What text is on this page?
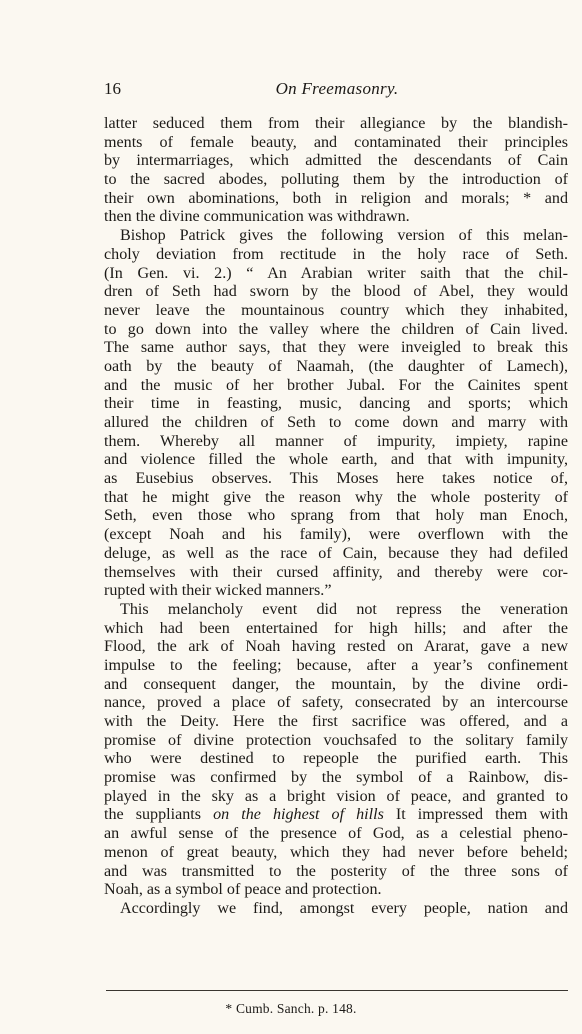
16	On Freemasonry.
latter seduced them from their allegiance by the blandish-
ments of female beauty, and contaminated their principles
by intermarriages, which admitted the descendants of Cain
to the sacred abodes, polluting them by the introduction of
their own abominations, both in religion and morals; * and
then the divine communication was withdrawn.
Bishop Patrick gives the following version of this melan-
choly deviation from rectitude in the holy race of Seth.
(In Gen. vi. 2.) “ An Arabian writer saith that the chil-
dren of Seth had sworn by the blood of Abel, they would
never leave the mountainous country which they inhabited,
to go down into the valley where the children of Cain lived.
The same author says, that they were inveigled to break this
oath by the beauty of Naamah, (the daughter of Lamech),
and the music of her brother Jubal. For the Cainites spent
their time in feasting, music, dancing and sports; which
allured the children of Seth to come down and marry with
them. Whereby all manner of impurity, impiety, rapine
and violence filled the whole earth, and that with impunity,
as Eusebius observes. This Moses here takes notice of,
that he might give the reason why the whole posterity of
Seth, even those who sprang from that holy man Enoch,
(except Noah and his family), were overflown with the
deluge, as well as the race of Cain, because they had defiled
themselves with their cursed affinity, and thereby were cor-
rupted with their wicked manners.”
This melancholy event did not repress the veneration
which had been entertained for high hills; and after the
Flood, the ark of Noah having rested on Ararat, gave a new
impulse to the feeling; because, after a year’s confinement
and consequent danger, the mountain, by the divine ordi-
nance, proved a place of safety, consecrated by an intercourse
with the Deity. Here the first sacrifice was offered, and a
promise of divine protection vouchsafed to the solitary family
who were destined to repeople the purified earth. This
promise was confirmed by the symbol of a Rainbow, dis-
played in the sky as a bright vision of peace, and granted to
the suppliants on the highest of hills It impressed them with
an awful sense of the presence of God, as a celestial pheno-
menon of great beauty, which they had never before beheld;
and was transmitted to the posterity of the three sons of
Noah, as a symbol of peace and protection.
Accordingly we find, amongst every people, nation and
* Cumb. Sanch. p. 148.
